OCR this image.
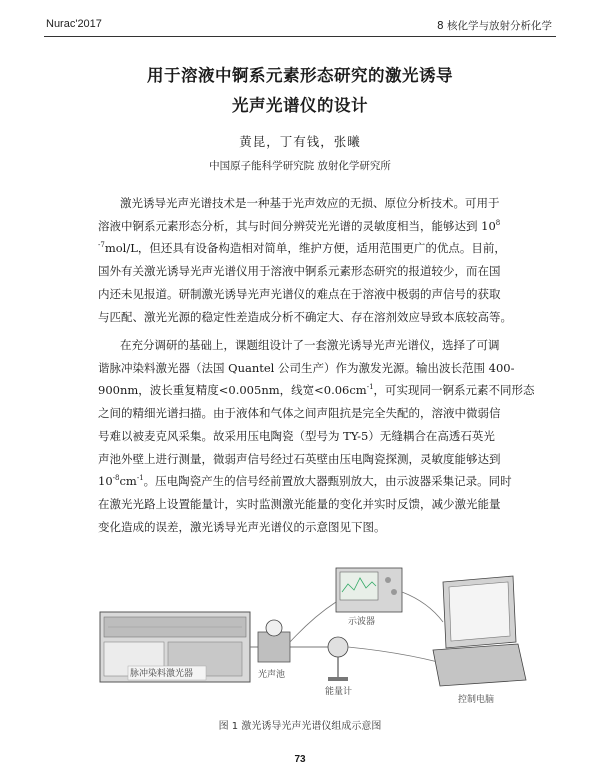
Nurac'2017	8 核化学与放射分析化学
用于溶液中锕系元素形态研究的激光诱导
光声光谱仪的设计
黄昆，丁有钱，张曦
中国原子能科学研究院 放射化学研究所

激光诱导光声光谱技术是一种基于光声效应的无损、原位分析技术。可用于
溶液中锕系元素形态分析，其与时间分辨荧光光谱的灵敏度相当，能够达到 $10^8$
$^{-7}$mol/L，但还具有设备构造相对简单，维护方便，适用范围更广的优点。目前，
国外有关激光诱导光声光谱仪用于溶液中锕系元素形态研究的报道较少，而在国
内还未见报道。研制激光诱导光声光谱仪的难点在于溶液中极弱的声信号的获取
与匹配、激光光源的稳定性差造成分析不确定大、存在溶剂效应导致本底较高等。

在充分调研的基础上，课题组设计了一套激光诱导光声光谱仪，选择了可调
谐脉冲染料激光器（法国 Quantel 公司生产）作为激发光源。输出波长范围 400-
900nm，波长重复精度<0.005nm，线宽$<0.06cm^{-1}$，可实现同一锕系元素不同形态
之间的精细光谱扫描。由于液体和气体之间声阻抗是完全失配的，溶液中微弱信
号难以被麦克风采集。故采用压电陶瓷（型号为 TY-5）无缝耦合在高透石英光
声池外壁上进行测量，微弱声信号经过石英壁由压电陶瓷探测，灵敏度能够达到
$10^{-8}cm^{-1}$。压电陶瓷产生的信号经前置放大器甄别放大，由示波器采集记录。同时
在激光光路上设置能量计，实时监测激光能量的变化并实时反馈，减少激光能量
变化造成的误差，激光诱导光声光谱仪的示意图见下图。

脉冲染料激光器	光声池
示波器
能量计
控制电脑
图 1 激光诱导光声光谱仪组成示意图
73
